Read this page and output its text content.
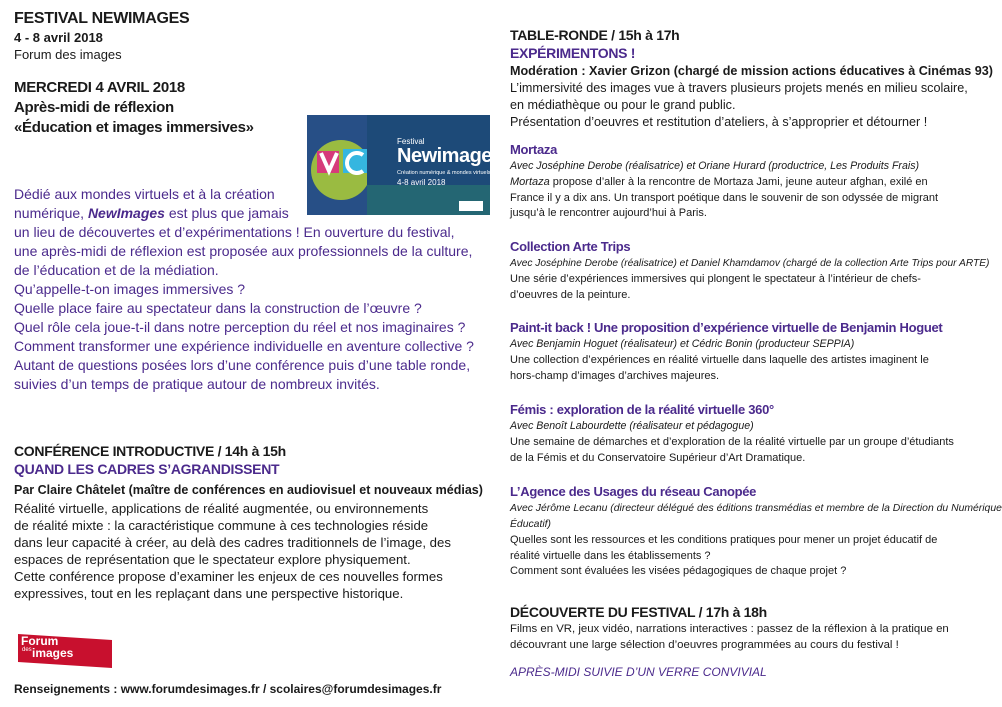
FESTIVAL NEWIMAGES
4 - 8 avril 2018
Forum des images
MERCREDI 4 AVRIL 2018
Après-midi de réflexion
«Éducation et images immersives»
Festival
Newimages
Création numérique & mondes virtuels
4-8 avril 2018
Dédié aux mondes virtuels et à la création
numérique, NewImages est plus que jamais
un lieu de découvertes et d’expérimentations ! En ouverture du festival,
une après-midi de réflexion est proposée aux professionnels de la culture,
de l’éducation et de la médiation.
Qu’appelle-t-on images immersives ?
Quelle place faire au spectateur dans la construction de l’œuvre ?
Quel rôle cela joue-t-il dans notre perception du réel et nos imaginaires ?
Comment transformer une expérience individuelle en aventure collective ?
Autant de questions posées lors d’une conférence puis d’une table ronde,
suivies d’un temps de pratique autour de nombreux invités.
CONFÉRENCE INTRODUCTIVE / 14h à 15h
QUAND LES CADRES S’AGRANDISSENT
Par Claire Châtelet (maître de conférences en audiovisuel et nouveaux médias)
Réalité virtuelle, applications de réalité augmentée, ou environnements
de réalité mixte : la caractéristique commune à ces technologies réside
dans leur capacité à créer, au delà des cadres traditionnels de l’image, des
espaces de représentation que le spectateur explore physiquement.
Cette conférence propose d’examiner les enjeux de ces nouvelles formes
expressives, tout en les replaçant dans une perspective historique.
Forum
des images
Renseignements : www.forumdesimages.fr / scolaires@forumdesimages.fr
TABLE-RONDE / 15h à 17h
EXPÉRIMENTONS !
Modération : Xavier Grizon (chargé de mission actions éducatives à Cinémas 93)
L’immersivité des images vue à travers plusieurs projets menés en milieu scolaire,
en médiathèque ou pour le grand public.
Présentation d’oeuvres et restitution d’ateliers, à s’approprier et détourner !
Mortaza
Avec Joséphine Derobe (réalisatrice) et Oriane Hurard (productrice, Les Produits Frais)
Mortaza propose d’aller à la rencontre de Mortaza Jami, jeune auteur afghan, exilé en
France il y a dix ans. Un transport poétique dans le souvenir de son odyssée de migrant
jusqu’à le rencontrer aujourd’hui à Paris.
Collection Arte Trips
Avec Joséphine Derobe (réalisatrice) et Daniel Khamdamov (chargé de la collection Arte Trips pour ARTE)
Une série d’expériences immersives qui plongent le spectateur à l’intérieur de chefs-
d’oeuvres de la peinture.
Paint-it back ! Une proposition d’expérience virtuelle de Benjamin Hoguet
Avec Benjamin Hoguet (réalisateur) et Cédric Bonin (producteur SEPPIA)
Une collection d’expériences en réalité virtuelle dans laquelle des artistes imaginent le
hors-champ d’images d’archives majeures.
Fémis : exploration de la réalité virtuelle 360°
Avec Benoît Labourdette (réalisateur et pédagogue)
Une semaine de démarches et d’exploration de la réalité virtuelle par un groupe d’étudiants
de la Fémis et du Conservatoire Supérieur d’Art Dramatique.
L’Agence des Usages du réseau Canopée
Avec Jérôme Lecanu (directeur délégué des éditions transmédias et membre de la Direction du Numérique
Éducatif)
Quelles sont les ressources et les conditions pratiques pour mener un projet éducatif de
réalité virtuelle dans les établissements ?
Comment sont évaluées les visées pédagogiques de chaque projet ?
DÉCOUVERTE DU FESTIVAL / 17h à 18h
Films en VR, jeux vidéo, narrations interactives : passez de la réflexion à la pratique en
découvrant une large sélection d’oeuvres programmées au cours du festival !
APRÈS-MIDI SUIVIE D’UN VERRE CONVIVIAL
